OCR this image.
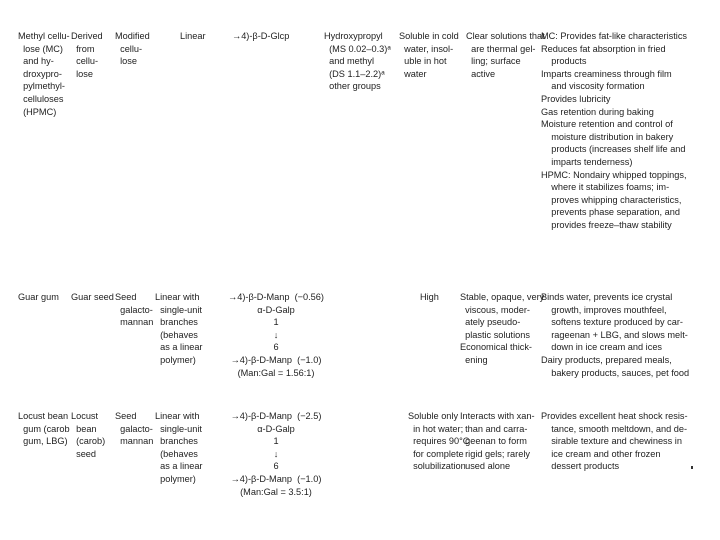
Methyl cellu-
lose (MC)
and hy-
droxypro-
pylmethyl-
celluloses
(HPMC)
Derived
from
cellu-
lose
Modified
cellu-
lose
Linear	→4)-β-D-Glcp	Hydroxypropyl
(MS 0.02–0.3)ᵃ
and methyl
(DS 1.1–2.2)ᵃ
other groups
Soluble in cold
water, insol-
uble in hot
water
Clear solutions that
are thermal gel-
ling; surface
active
MC: Provides fat-like characteristics
Reduces fat absorption in fried
products
Imparts creaminess through film
and viscosity formation
Provides lubricity
Gas retention during baking
Moisture retention and control of
moisture distribution in bakery
products (increases shelf life and
imparts tenderness)
HPMC: Nondairy whipped toppings,
where it stabilizes foams; im-
proves whipping characteristics,
prevents phase separation, and
provides freeze–thaw stability
Guar gum Guar seed Seed
galacto-
mannan
Linear with
single-unit
branches
(behaves
as a linear
polymer)
→4)-β-D-Manp  (−0.56)
α-D-Galp
1
↓
6
→4)-β-D-Manp  (−1.0)
(Man:Gal = 1.56:1)
High Stable, opaque, very
viscous, moder-
ately pseudo-
plastic solutions
Economical thick-
ening
Binds water, prevents ice crystal
growth, improves mouthfeel,
softens texture produced by car-
rageenan + LBG, and slows melt-
down in ice cream and ices
Dairy products, prepared meals,
bakery products, sauces, pet food
Locust bean
gum (carob
gum, LBG)
Locust
bean
(carob)
seed
Seed
galacto-
mannan
Linear with
single-unit
branches
(behaves
as a linear
polymer)
→4)-β-D-Manp  (−2.5)
α-D-Galp
1
↓
6
→4)-β-D-Manp  (−1.0)
(Man:Gal = 3.5:1)
Soluble only
in hot water;
requires 90°C
for complete
solubilization
Interacts with xan-
than and carra-
geenan to form
rigid gels; rarely
used alone
Provides excellent heat shock resis-
tance, smooth meltdown, and de-
sirable texture and chewiness in
ice cream and other frozen
dessert products
